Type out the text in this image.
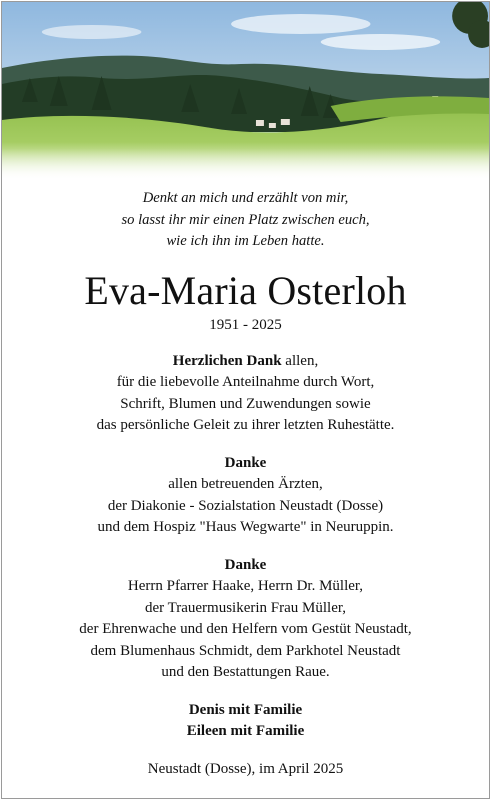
Denkt an mich und erzählt von mir,
so lasst ihr mir einen Platz zwischen euch,
wie ich ihn im Leben hatte.
Eva-Maria Osterloh
1951 - 2025
Herzlichen Dank allen,
für die liebevolle Anteilnahme durch Wort,
Schrift, Blumen und Zuwendungen sowie
das persönliche Geleit zu ihrer letzten Ruhestätte.
Danke
allen betreuenden Ärzten,
der Diakonie - Sozialstation Neustadt (Dosse)
und dem Hospiz "Haus Wegwarte" in Neuruppin.
Danke
Herrn Pfarrer Haake, Herrn Dr. Müller,
der Trauermusikerin Frau Müller,
der Ehrenwache und den Helfern vom Gestüt Neustadt,
dem Blumenhaus Schmidt, dem Parkhotel Neustadt
und den Bestattungen Raue.
Denis mit Familie
Eileen mit Familie
Neustadt (Dosse), im April 2025
